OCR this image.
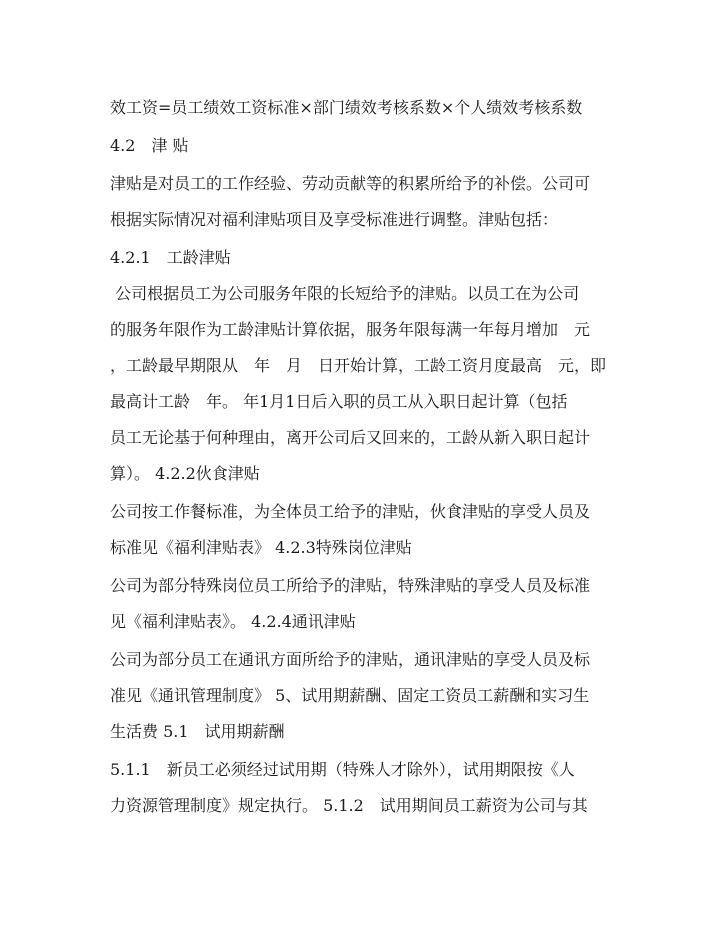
效工资=员工绩效工资标准×部门绩效考核系数×个人绩效考核系数
4.2　津 贴
津贴是对员工的工作经验、劳动贡献等的积累所给予的补偿。公司可
根据实际情况对福利津贴项目及享受标准进行调整。津贴包括：
4.2.1　工龄津贴
公司根据员工为公司服务年限的长短给予的津贴。以员工在为公司
的服务年限作为工龄津贴计算依据，服务年限每满一年每月增加　元
，工龄最早期限从　年　月　日开始计算，工龄工资月度最高　元，即
最高计工龄　年。 年1月1日后入职的员工从入职日起计算（包括
员工无论基于何种理由，离开公司后又回来的，工龄从新入职日起计
算）。 4.2.2伙食津贴
公司按工作餐标准，为全体员工给予的津贴，伙食津贴的享受人员及
标准见《福利津贴表》 4.2.3特殊岗位津贴
公司为部分特殊岗位员工所给予的津贴，特殊津贴的享受人员及标准
见《福利津贴表》。 4.2.4通讯津贴
公司为部分员工在通讯方面所给予的津贴，通讯津贴的享受人员及标
准见《通讯管理制度》 5、试用期薪酬、固定工资员工薪酬和实习生
生活费 5.1　试用期薪酬
5.1.1　新员工必须经过试用期（特殊人才除外），试用期限按《人
力资源管理制度》规定执行。 5.1.2　试用期间员工薪资为公司与其
